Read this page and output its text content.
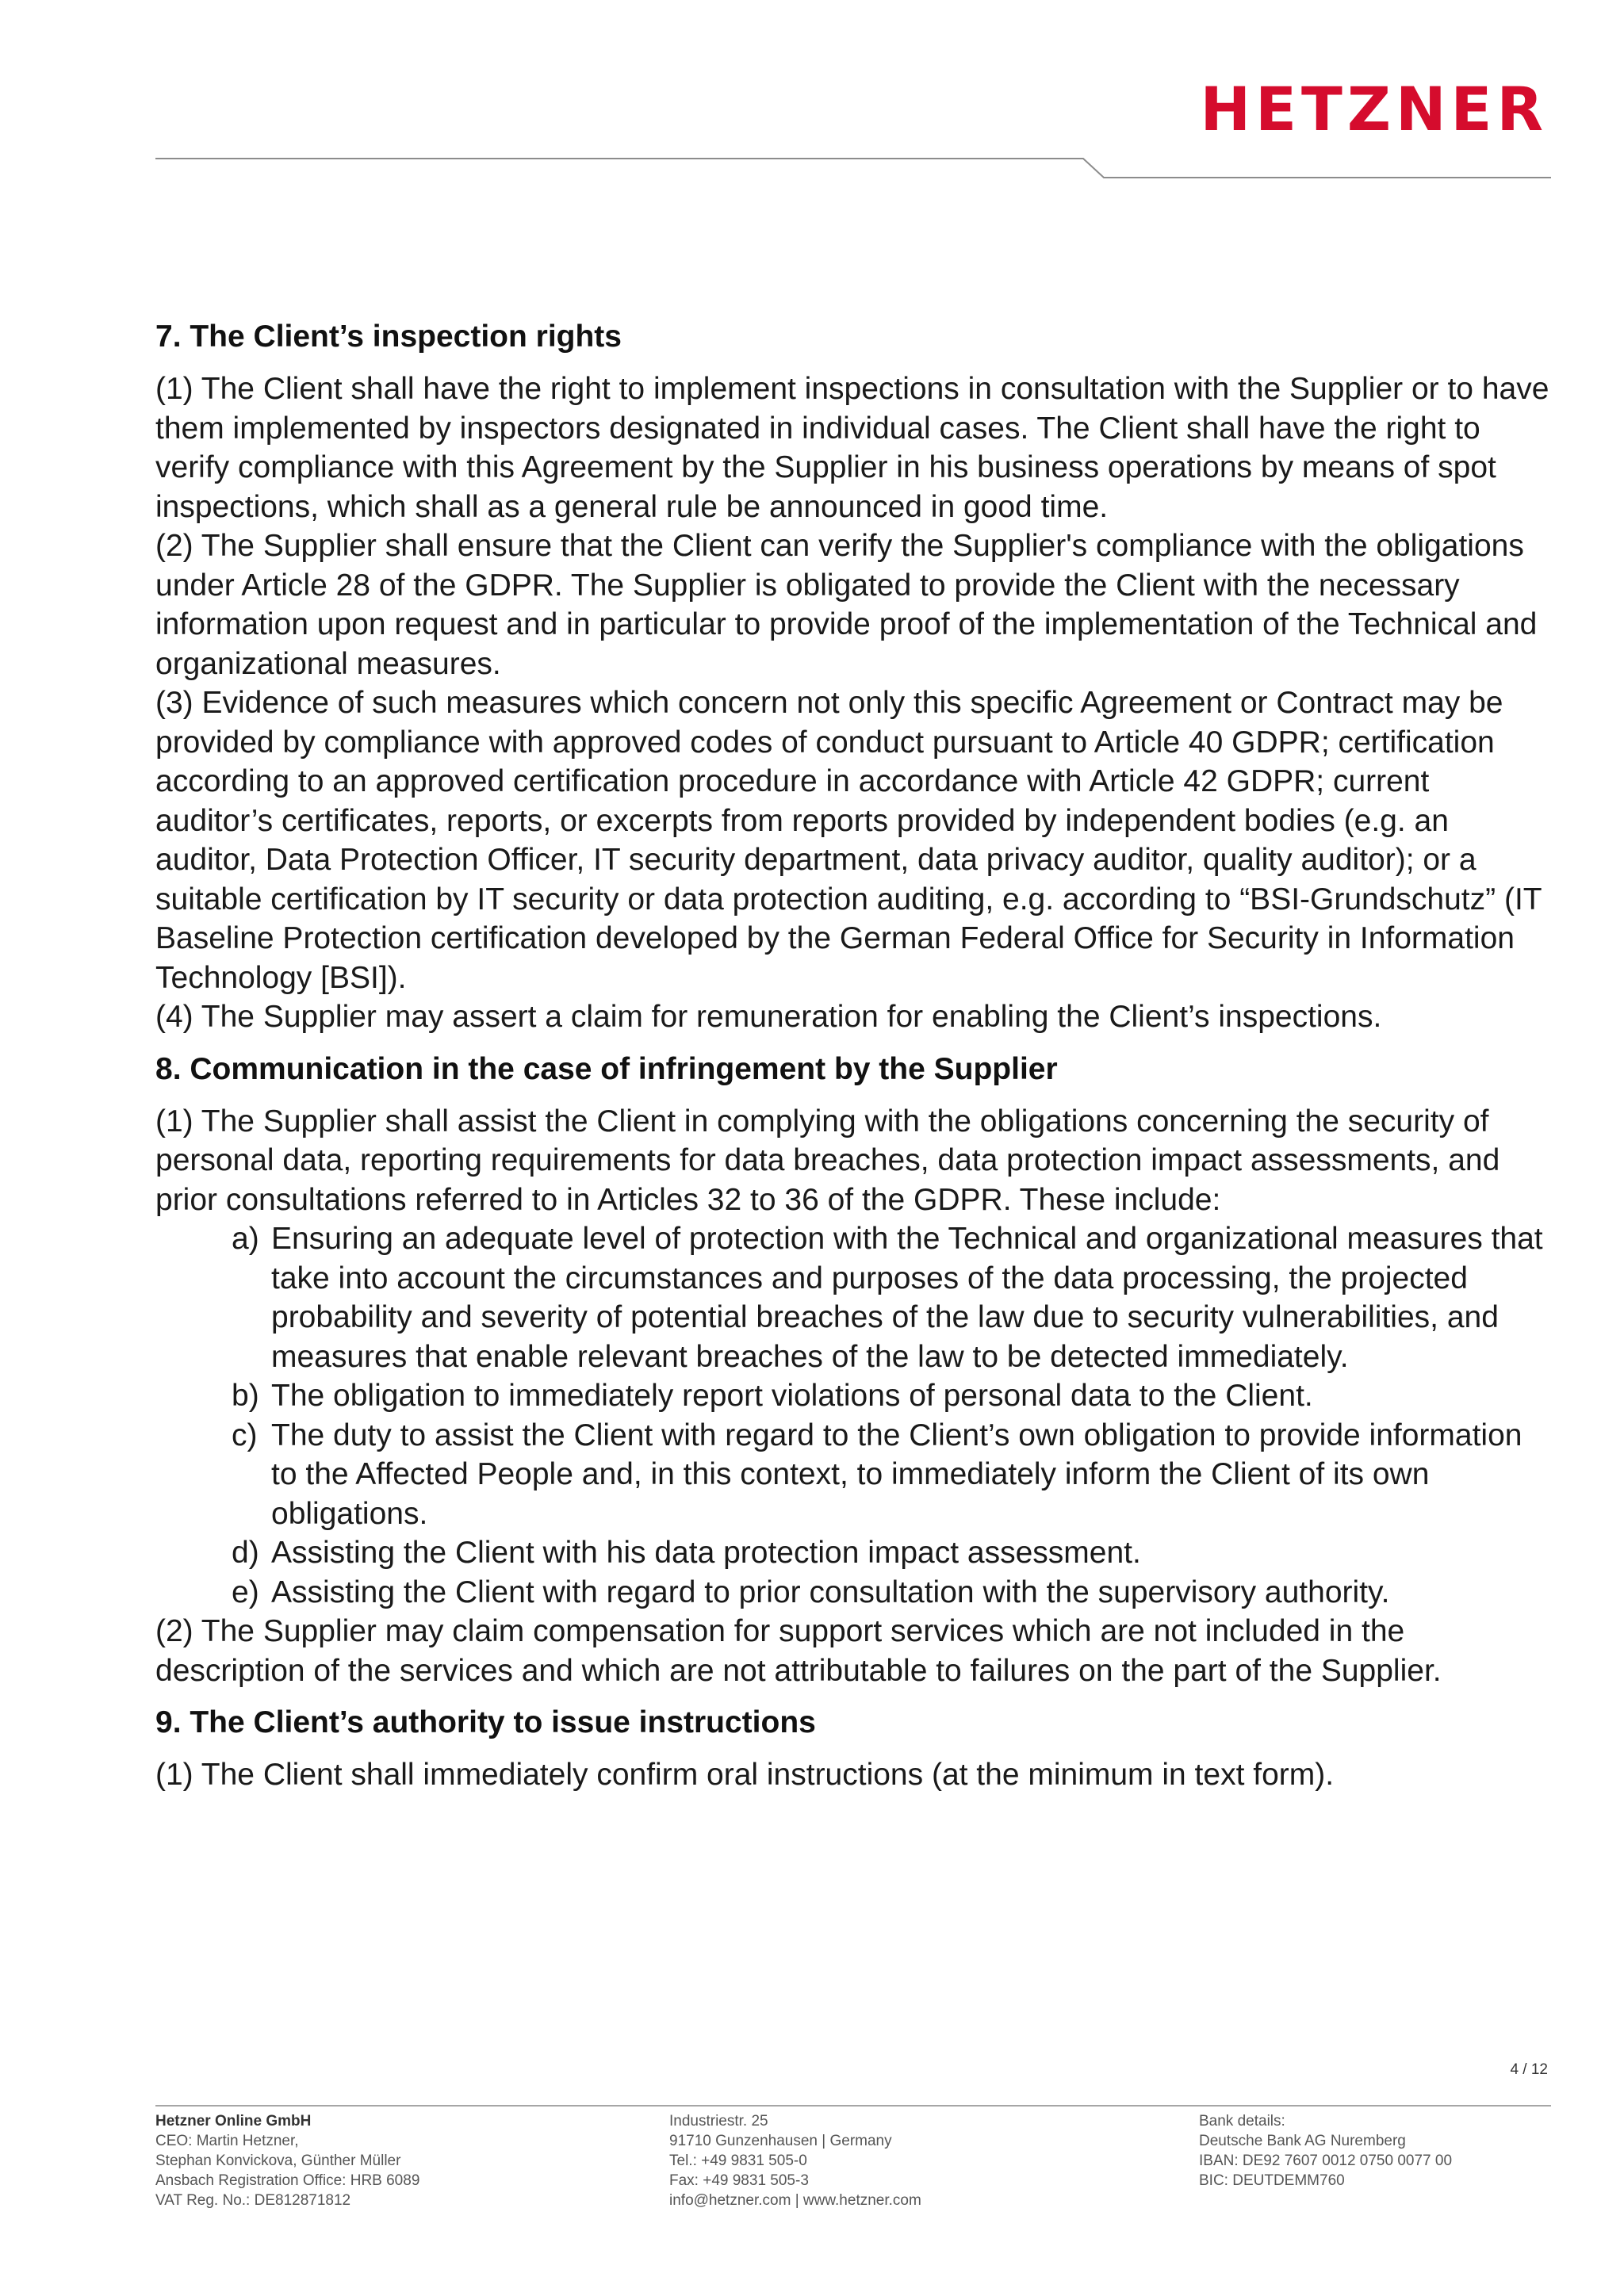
HETZNER
7. The Client’s inspection rights

(1) The Client shall have the right to implement inspections in consultation with the Supplier or to have them implemented by inspectors designated in individual cases. The Client shall have the right to verify compliance with this Agreement by the Supplier in his business operations by means of spot inspections, which shall as a general rule be announced in good time.

(2) The Supplier shall ensure that the Client can verify the Supplier's compliance with the obligations under Article 28 of the GDPR. The Supplier is obligated to provide the Client with the necessary information upon request and in particular to provide proof of the implementation of the Technical and organizational measures.

(3) Evidence of such measures which concern not only this specific Agreement or Contract may be provided by compliance with approved codes of conduct pursuant to Article 40 GDPR; certification according to an approved certification procedure in accordance with Article 42 GDPR; current auditor’s certificates, reports, or excerpts from reports provided by independent bodies (e.g. an auditor, Data Protection Officer, IT security department, data privacy auditor, quality auditor); or a suitable certification by IT security or data protection auditing, e.g. according to “BSI-Grundschutz” (IT Baseline Protection certification developed by the German Federal Office for Security in Information Technology [BSI]).

(4) The Supplier may assert a claim for remuneration for enabling the Client’s inspections.

8. Communication in the case of infringement by the Supplier

(1) The Supplier shall assist the Client in complying with the obligations concerning the security of personal data, reporting requirements for data breaches, data protection impact assessments, and prior consultations referred to in Articles 32 to 36 of the GDPR. These include:

a) Ensuring an adequate level of protection with the Technical and organizational measures that take into account the circumstances and purposes of the data processing, the projected probability and severity of potential breaches of the law due to security vulnerabilities, and measures that enable relevant breaches of the law to be detected immediately.
b) The obligation to immediately report violations of personal data to the Client.
c) The duty to assist the Client with regard to the Client’s own obligation to provide information to the Affected People and, in this context, to immediately inform the Client of its own obligations.
d) Assisting the Client with his data protection impact assessment.
e) Assisting the Client with regard to prior consultation with the supervisory authority.

(2) The Supplier may claim compensation for support services which are not included in the description of the services and which are not attributable to failures on the part of the Supplier.

9. The Client’s authority to issue instructions

(1) The Client shall immediately confirm oral instructions (at the minimum in text form).

4 / 12
Hetzner Online GmbH
CEO: Martin Hetzner,
Stephan Konvickova, Günther Müller
Ansbach Registration Office: HRB 6089
VAT Reg. No.: DE812871812
Industriestr. 25
91710 Gunzenhausen | Germany
Tel.: +49 9831 505-0
Fax: +49 9831 505-3
info@hetzner.com | www.hetzner.com
Bank details:
Deutsche Bank AG Nuremberg
IBAN: DE92 7607 0012 0750 0077 00
BIC: DEUTDEMM760
